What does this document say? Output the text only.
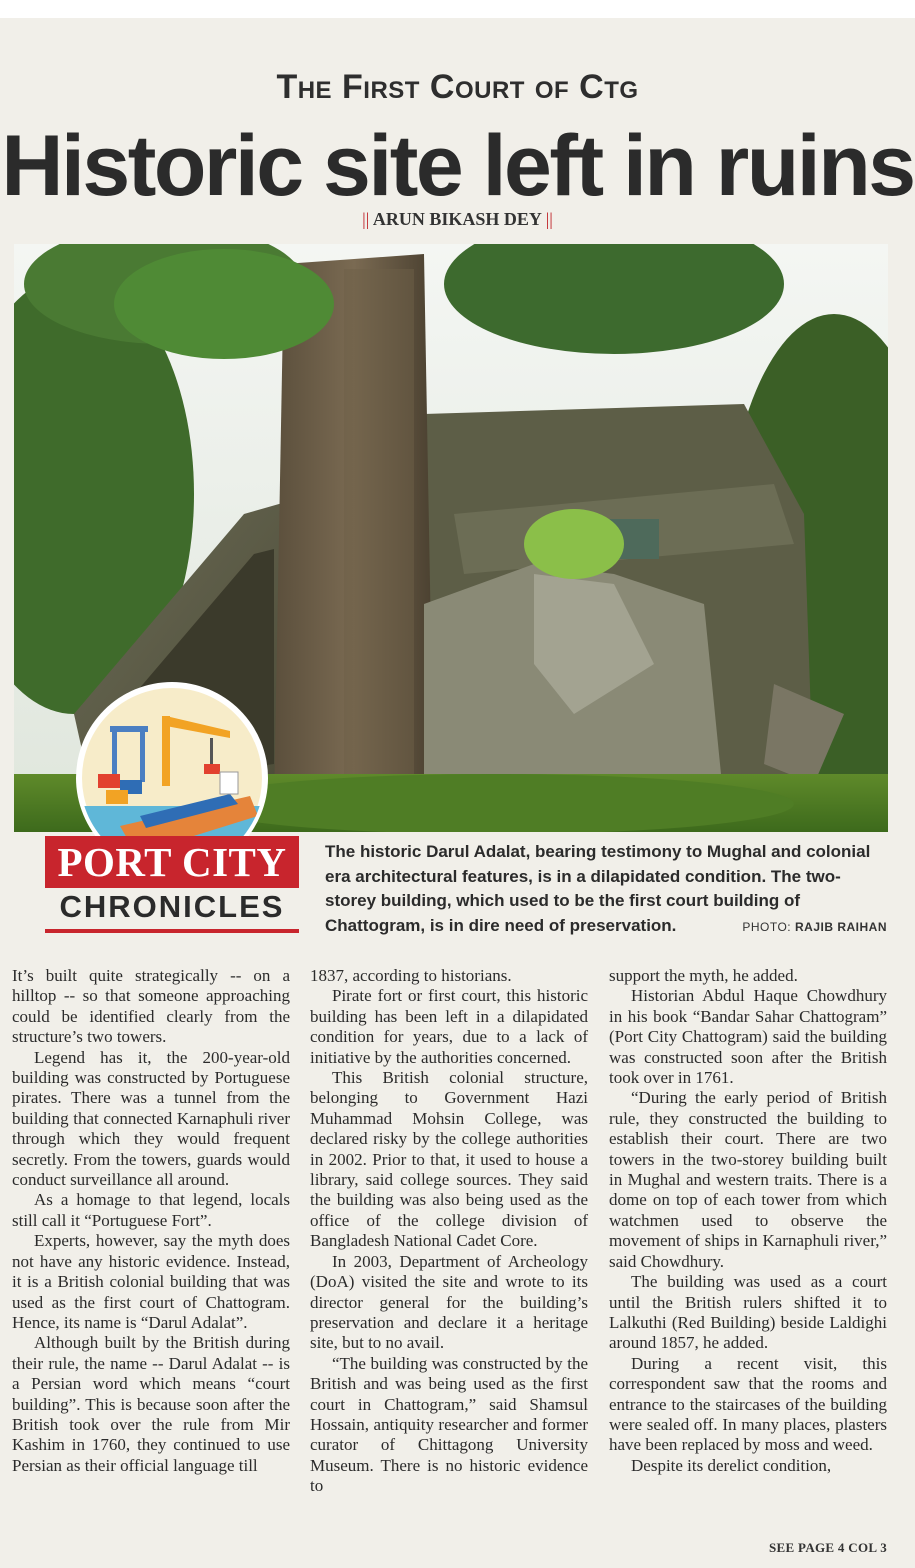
The First Court of Ctg
Historic site left in ruins
|| ARUN BIKASH DEY ||
PORT CITY
CHRONICLES
The historic Darul Adalat, bearing testimony to Mughal and colonial era architectural features, is in a dilapidated condition. The two-storey building, which used to be the first court building of Chattogram, is in dire need of preservation.	PHOTO: RAJIB RAIHAN

It’s built quite strategically -- on a hilltop -- so that someone approaching could be identified clearly from the structure’s two towers.

Legend has it, the 200-year-old building was constructed by Portuguese pirates. There was a tunnel from the building that connected Karnaphuli river through which they would frequent secretly. From the towers, guards would conduct surveillance all around.

As a homage to that legend, locals still call it “Portuguese Fort”.

Experts, however, say the myth does not have any historic evidence. Instead, it is a British colonial building that was used as the first court of Chattogram. Hence, its name is “Darul Adalat”.

Although built by the British during their rule, the name -- Darul Adalat -- is a Persian word which means “court building”. This is because soon after the British took over the rule from Mir Kashim in 1760, they continued to use Persian as their official language till

1837, according to historians.

Pirate fort or first court, this historic building has been left in a dilapidated condition for years, due to a lack of initiative by the authorities concerned.

This British colonial structure, belonging to Government Hazi Muhammad Mohsin College, was declared risky by the college authorities in 2002. Prior to that, it used to house a library, said college sources. They said the building was also being used as the office of the college division of Bangladesh National Cadet Core.

In 2003, Department of Archeology (DoA) visited the site and wrote to its director general for the building’s preservation and declare it a heritage site, but to no avail.

“The building was constructed by the British and was being used as the first court in Chattogram,” said Shamsul Hossain, antiquity researcher and former curator of Chittagong University Museum. There is no historic evidence to

support the myth, he added.

Historian Abdul Haque Chowdhury in his book “Bandar Sahar Chattogram” (Port City Chattogram) said the building was constructed soon after the British took over in 1761.

“During the early period of British rule, they constructed the building to establish their court. There are two towers in the two-storey building built in Mughal and western traits. There is a dome on top of each tower from which watchmen used to observe the movement of ships in Karnaphuli river,” said Chowdhury.

The building was used as a court until the British rulers shifted it to Lalkuthi (Red Building) beside Laldighi around 1857, he added.

During a recent visit, this correspondent saw that the rooms and entrance to the staircases of the building were sealed off. In many places, plasters have been replaced by moss and weed.

Despite its derelict condition,

SEE PAGE 4 COL 3
